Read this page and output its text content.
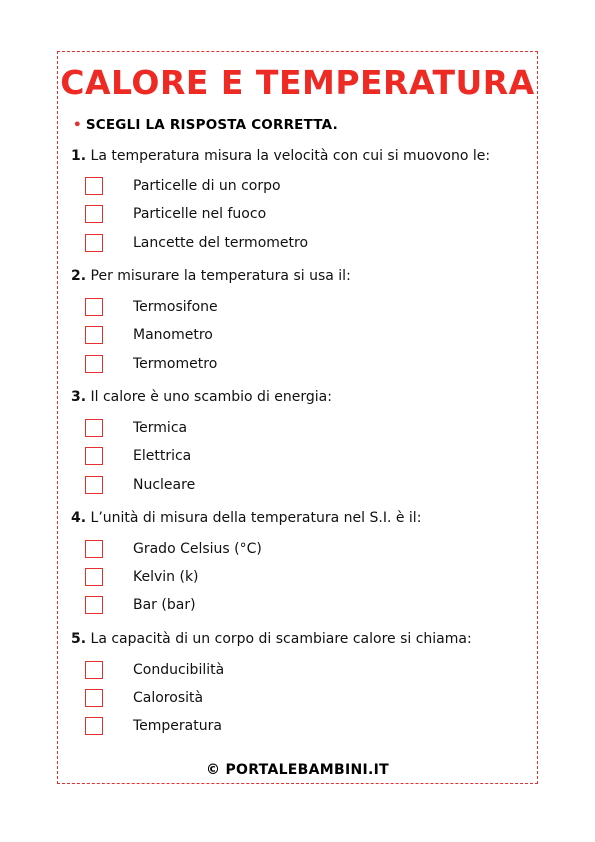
CALORE E TEMPERATURA
• SCEGLI LA RISPOSTA CORRETTA.
1. La temperatura misura la velocità con cui si muovono le:
Particelle di un corpo
Particelle nel fuoco
Lancette del termometro
2. Per misurare la temperatura si usa il:
Termosifone
Manometro
Termometro
3. Il calore è uno scambio di energia:
Termica
Elettrica
Nucleare
4. L’unità di misura della temperatura nel S.I. è il:
Grado Celsius (°C)
Kelvin (k)
Bar (bar)
5. La capacità di un corpo di scambiare calore si chiama:
Conducibilità
Calorosità
Temperatura
© PORTALEBAMBINI.IT
